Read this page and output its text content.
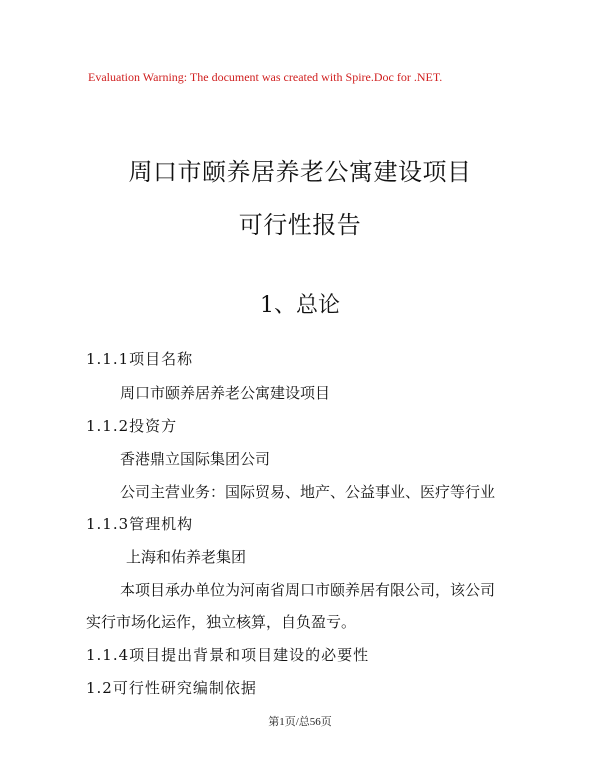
Evaluation Warning: The document was created with Spire.Doc for .NET.
周口市颐养居养老公寓建设项目
可行性报告
1、总论
1.1.1项目名称
周口市颐养居养老公寓建设项目
1.1.2投资方
香港鼎立国际集团公司
公司主营业务：国际贸易、地产、公益事业、医疗等行业
1.1.3管理机构
上海和佑养老集团
本项目承办单位为河南省周口市颐养居有限公司，该公司
实行市场化运作，独立核算，自负盈亏。
1.1.4项目提出背景和项目建设的必要性
1.2可行性研究编制依据
第1页/总56页
